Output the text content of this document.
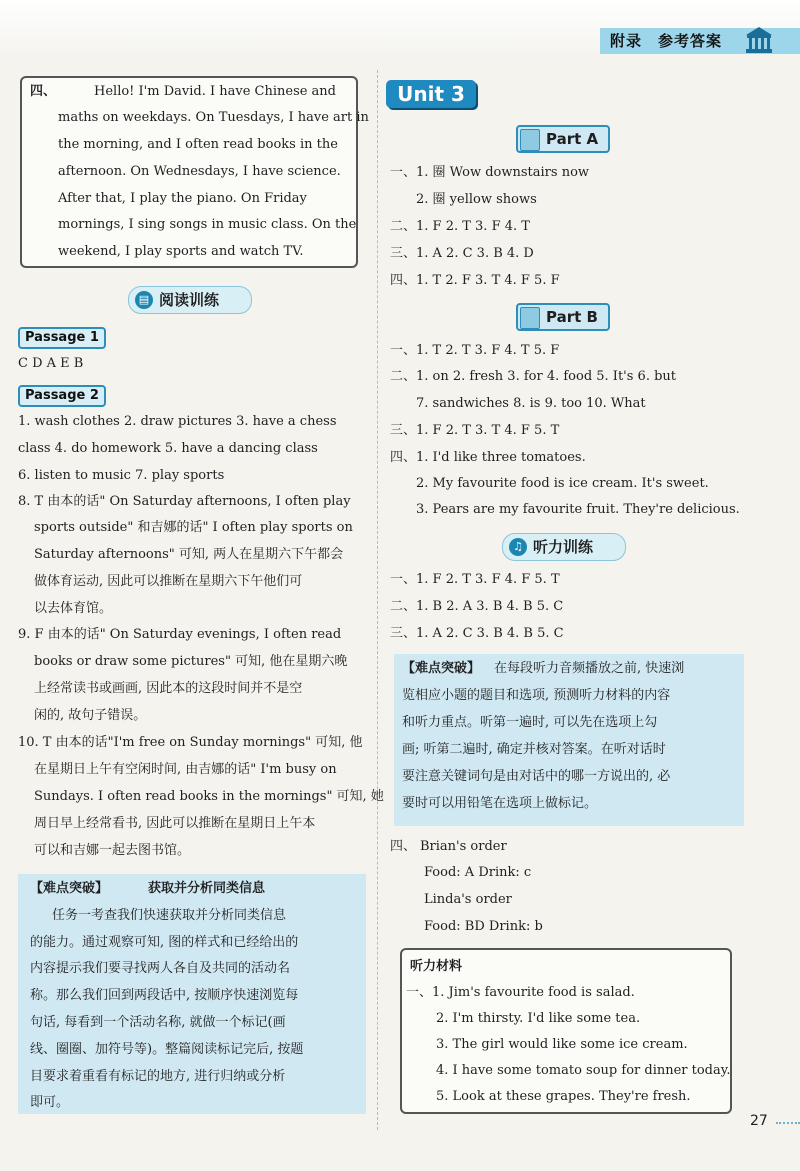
附录 参考答案
四、	Hello! I'm David. I have Chinese and
maths on weekdays. On Tuesdays, I have art in
the morning, and I often read books in the
afternoon. On Wednesdays, I have science.
After that, I play the piano. On Friday
mornings, I sing songs in music class. On the
weekend, I play sports and watch TV.
▤ 阅读训练
Passage 1
C D A E B
Passage 2
1. wash clothes 2. draw pictures 3. have a chess
class 4. do homework 5. have a dancing class
6. listen to music 7. play sports
8. T 由本的话" On Saturday afternoons, I often play
sports outside" 和吉娜的话" I often play sports on
Saturday afternoons" 可知, 两人在星期六下午都会
做体育运动, 因此可以推断在星期六下午他们可
以去体育馆。
9. F 由本的话" On Saturday evenings, I often read
books or draw some pictures" 可知, 他在星期六晚
上经常读书或画画, 因此本的这段时间并不是空
闲的, 故句子错误。
10. T 由本的话"I'm free on Sunday mornings" 可知, 他
在星期日上午有空闲时间, 由吉娜的话" I'm busy on
Sundays. I often read books in the mornings" 可知, 她
周日早上经常看书, 因此可以推断在星期日上午本
可以和吉娜一起去图书馆。
【难点突破】	获取并分析同类信息
任务一考查我们快速获取并分析同类信息
的能力。通过观察可知, 图的样式和已经给出的
内容提示我们要寻找两人各自及共同的活动名
称。那么我们回到两段话中, 按顺序快速浏览每
句话, 每看到一个活动名称, 就做一个标记(画
线、圈圈、加符号等)。整篇阅读标记完后, 按题
目要求着重看有标记的地方, 进行归纳或分析
即可。
Unit 3
Part A
一、1. 圈 Wow downstairs now
2. 圈 yellow shows
二、1. F 2. T 3. F 4. T
三、1. A 2. C 3. B 4. D
四、1. T 2. F 3. T 4. F 5. F
Part B
一、1. T 2. T 3. F 4. T 5. F
二、1. on 2. fresh 3. for 4. food 5. It's 6. but
7. sandwiches 8. is 9. too 10. What
三、1. F 2. T 3. T 4. F 5. T
四、1. I'd like three tomatoes.
2. My favourite food is ice cream. It's sweet.
3. Pears are my favourite fruit. They're delicious.
♫ 听力训练
一、1. F 2. T 3. F 4. F 5. T
二、1. B 2. A 3. B 4. B 5. C
三、1. A 2. C 3. B 4. B 5. C
【难点突破】 在每段听力音频播放之前, 快速浏
览相应小题的题目和选项, 预测听力材料的内容
和听力重点。听第一遍时, 可以先在选项上勾
画; 听第二遍时, 确定并核对答案。在听对话时
要注意关键词句是由对话中的哪一方说出的, 必
要时可以用铅笔在选项上做标记。
四、 Brian's order
Food: A Drink: c
Linda's order
Food: BD Drink: b
听力材料
一、1. Jim's favourite food is salad.
2. I'm thirsty. I'd like some tea.
3. The girl would like some ice cream.
4. I have some tomato soup for dinner today.
5. Look at these grapes. They're fresh.
27
